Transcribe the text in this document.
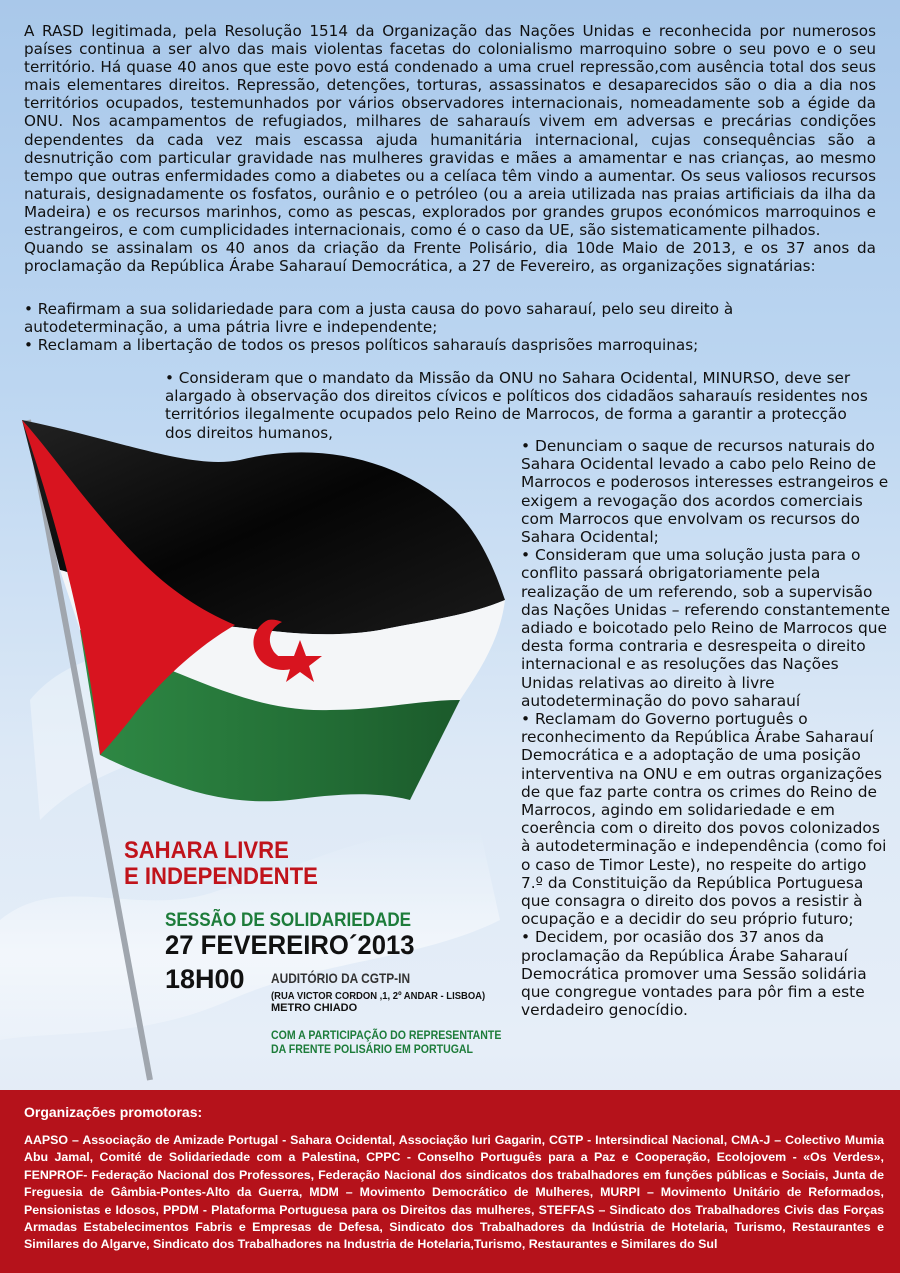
A RASD legitimada, pela Resolução 1514 da Organização das Nações Unidas e reconhecida por numerosos países continua a ser alvo das mais violentas facetas do colonialismo marroquino sobre o seu povo e o seu território. Há quase 40 anos que este povo está condenado a uma cruel repressão,com ausência total dos seus mais elementares direitos. Repressão, detenções, torturas, assassinatos e desaparecidos são o dia a dia nos territórios ocupados, testemunhados por vários observadores internacionais, nomeadamente sob a égide da ONU. Nos acampamentos de refugiados, milhares de saharauís vivem em adversas e precárias condições dependentes da cada vez mais escassa ajuda humanitária internacional, cujas consequências são a desnutrição com particular gravidade nas mulheres gravidas e mães a amamentar e nas crianças, ao mesmo tempo que outras enfermidades como a diabetes ou a celíaca têm vindo a aumentar. Os seus valiosos recursos naturais, designadamente os fosfatos, ourânio e o petróleo (ou a areia utilizada nas praias artificiais da ilha da Madeira) e os recursos marinhos, como as pescas, explorados por grandes grupos económicos marroquinos e estrangeiros, e com cumplicidades internacionais, como é o caso da UE, são sistematicamente pilhados.

Quando se assinalam os 40 anos da criação da Frente Polisário, dia 10de Maio de 2013, e os 37 anos da proclamação da República Árabe Saharauí Democrática, a 27 de Fevereiro, as organizações signatárias:

• Reafirmam a sua solidariedade para com a justa causa do povo saharauí, pelo seu direito à autodeterminação, a uma pátria livre e independente;
• Reclamam a libertação de todos os presos políticos saharauís dasprisões marroquinas;
• Consideram que o mandato da Missão da ONU no Sahara Ocidental, MINURSO, deve ser alargado à observação dos direitos cívicos e políticos dos cidadãos saharauís residentes nos territórios ilegalmente ocupados pelo Reino de Marrocos, de forma a garantir a protecção dos direitos humanos,
• Denunciam o saque de recursos naturais do Sahara Ocidental levado a cabo pelo Reino de Marrocos e poderosos interesses estrangeiros e exigem a revogação dos acordos comerciais com Marrocos que envolvam os recursos do Sahara Ocidental;
• Consideram que uma solução justa para o conflito passará obrigatoriamente pela realização de um referendo, sob a supervisão das Nações Unidas – referendo constantemente adiado e boicotado pelo Reino de Marrocos que desta forma contraria e desrespeita o direito internacional e as resoluções das Nações Unidas relativas ao direito à livre autodeterminação do povo saharauí
• Reclamam do Governo português o reconhecimento da República Árabe Saharauí Democrática e a adoptação de uma posição interventiva na ONU e em outras organizações de que faz parte contra os crimes do Reino de Marrocos, agindo em solidariedade e em coerência com o direito dos povos colonizados à autodeterminação e independência (como foi o caso de Timor Leste), no respeite do artigo 7.º da Constituição da República Portuguesa que consagra o direito dos povos a resistir à ocupação e a decidir do seu próprio futuro;
• Decidem, por ocasião dos 37 anos da proclamação da República Árabe Saharauí Democrática promover uma Sessão solidária que congregue vontades para pôr fim a este verdadeiro genocídio.
SAHARA LIVRE
E INDEPENDENTE
SESSÃO DE SOLIDARIEDADE
27 FEVEREIRO´2013
18H00 AUDITÓRIO DA CGTP-IN
(RUA VICTOR CORDON ,1, 2º ANDAR - LISBOA)
METRO CHIADO
COM A PARTICIPAÇÃO DO REPRESENTANTE
DA FRENTE POLISÁRIO EM PORTUGAL
Organizações promotoras:
AAPSO – Associação de Amizade Portugal - Sahara Ocidental, Associação Iuri Gagarin, CGTP - Intersindical Nacional, CMA-J – Colectivo Mumia Abu Jamal, Comité de Solidariedade com a Palestina, CPPC - Conselho Português para a Paz e Cooperação, Ecolojovem - «Os Verdes», FENPROF- Federação Nacional dos Professores, Federação Nacional dos sindicatos dos trabalhadores em funções públicas e Sociais, Junta de Freguesia de Gâmbia-Pontes-Alto da Guerra, MDM – Movimento Democrático de Mulheres, MURPI – Movimento Unitário de Reformados, Pensionistas e Idosos, PPDM - Plataforma Portuguesa para os Direitos das mulheres, STEFFAS – Sindicato dos Trabalhadores Civis das Forças Armadas Estabelecimentos Fabris e Empresas de Defesa, Sindicato dos Trabalhadores da Indústria de Hotelaria, Turismo, Restaurantes e Similares do Algarve, Sindicato dos Trabalhadores na Industria de Hotelaria,Turismo, Restaurantes e Similares do Sul
